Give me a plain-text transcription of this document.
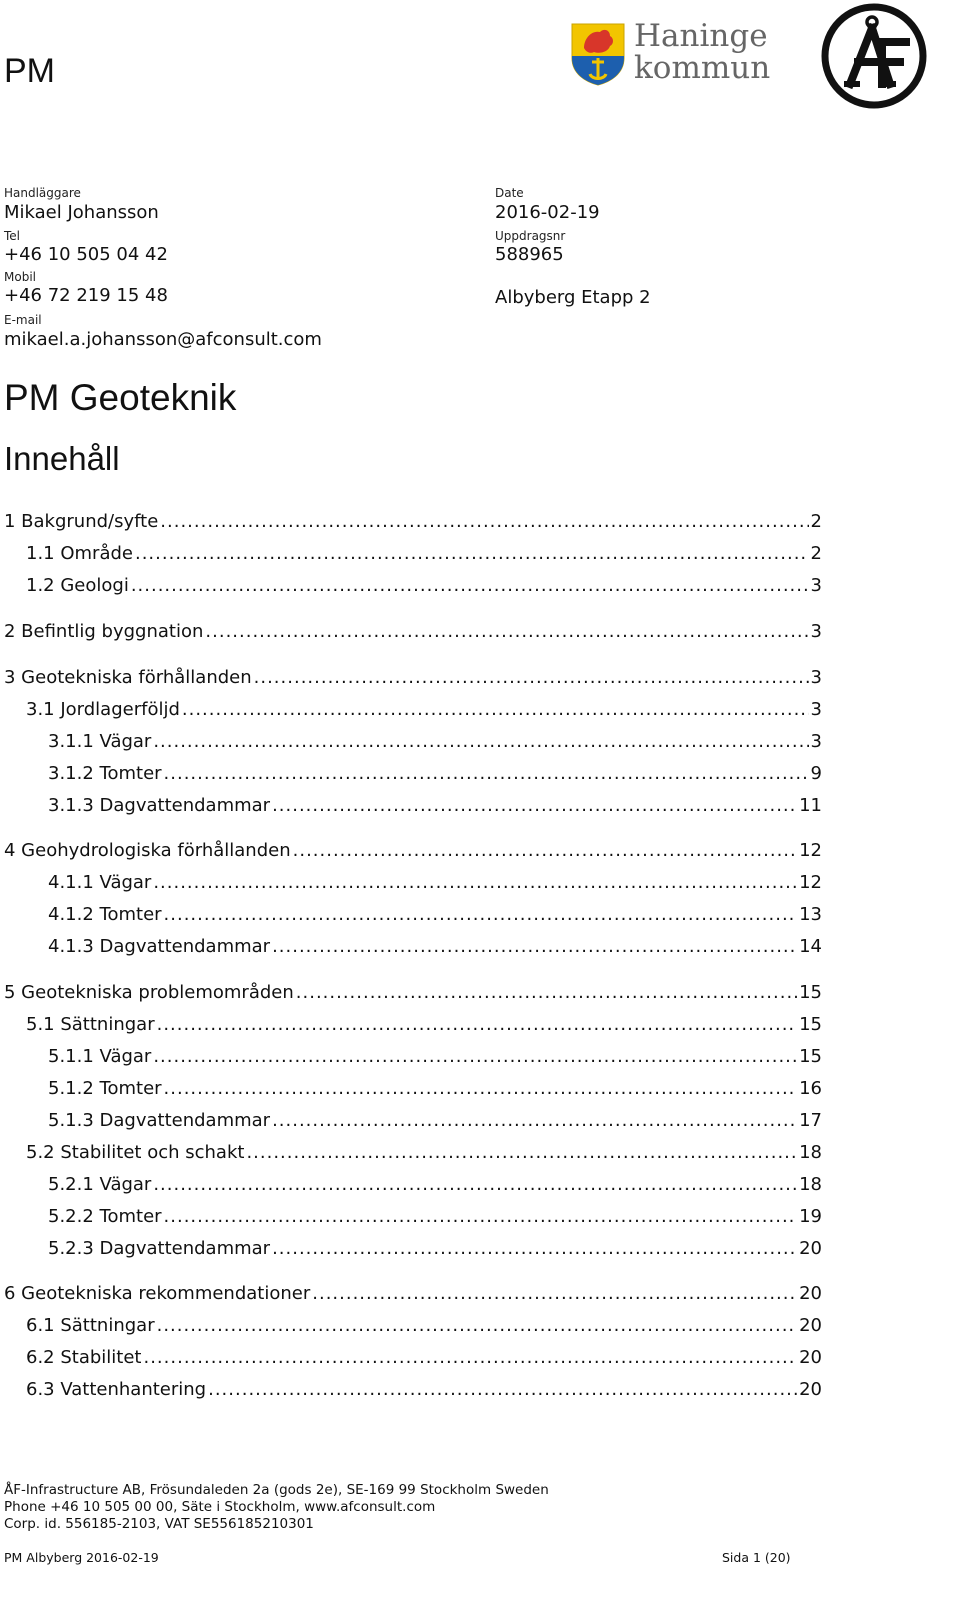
PM
Haninge
kommun
Handläggare
Mikael Johansson
Tel
+46 10 505 04 42
Mobil
+46 72 219 15 48
E-mail
mikael.a.johansson@afconsult.com
Date
2016-02-19
Uppdragsnr
588965
Albyberg Etapp 2
PM Geoteknik
Innehåll
1 Bakgrund/syfte .....	2
1.1 Område .....	2
1.2 Geologi .....	3
2 Befintlig byggnation .....	3
3 Geotekniska förhållanden .....	3
3.1 Jordlagerföljd .....	3
3.1.1 Vägar .....	3
3.1.2 Tomter .....	9
3.1.3 Dagvattendammar .....	11
4 Geohydrologiska förhållanden .....	12
4.1.1 Vägar .....	12
4.1.2 Tomter .....	13
4.1.3 Dagvattendammar .....	14
5 Geotekniska problemområden .....	15
5.1 Sättningar .....	15
5.1.1 Vägar .....	15
5.1.2 Tomter .....	16
5.1.3 Dagvattendammar .....	17
5.2 Stabilitet och schakt .....	18
5.2.1 Vägar .....	18
5.2.2 Tomter .....	19
5.2.3 Dagvattendammar .....	20
6 Geotekniska rekommendationer .....	20
6.1 Sättningar .....	20
6.2 Stabilitet .....	20
6.3 Vattenhantering .....	20
ÅF-Infrastructure AB, Frösundaleden 2a (gods 2e), SE-169 99 Stockholm Sweden
Phone +46 10 505 00 00, Säte i Stockholm, www.afconsult.com
Corp. id. 556185-2103, VAT SE556185210301
PM Albyberg 2016-02-19	Sida 1 (20)
